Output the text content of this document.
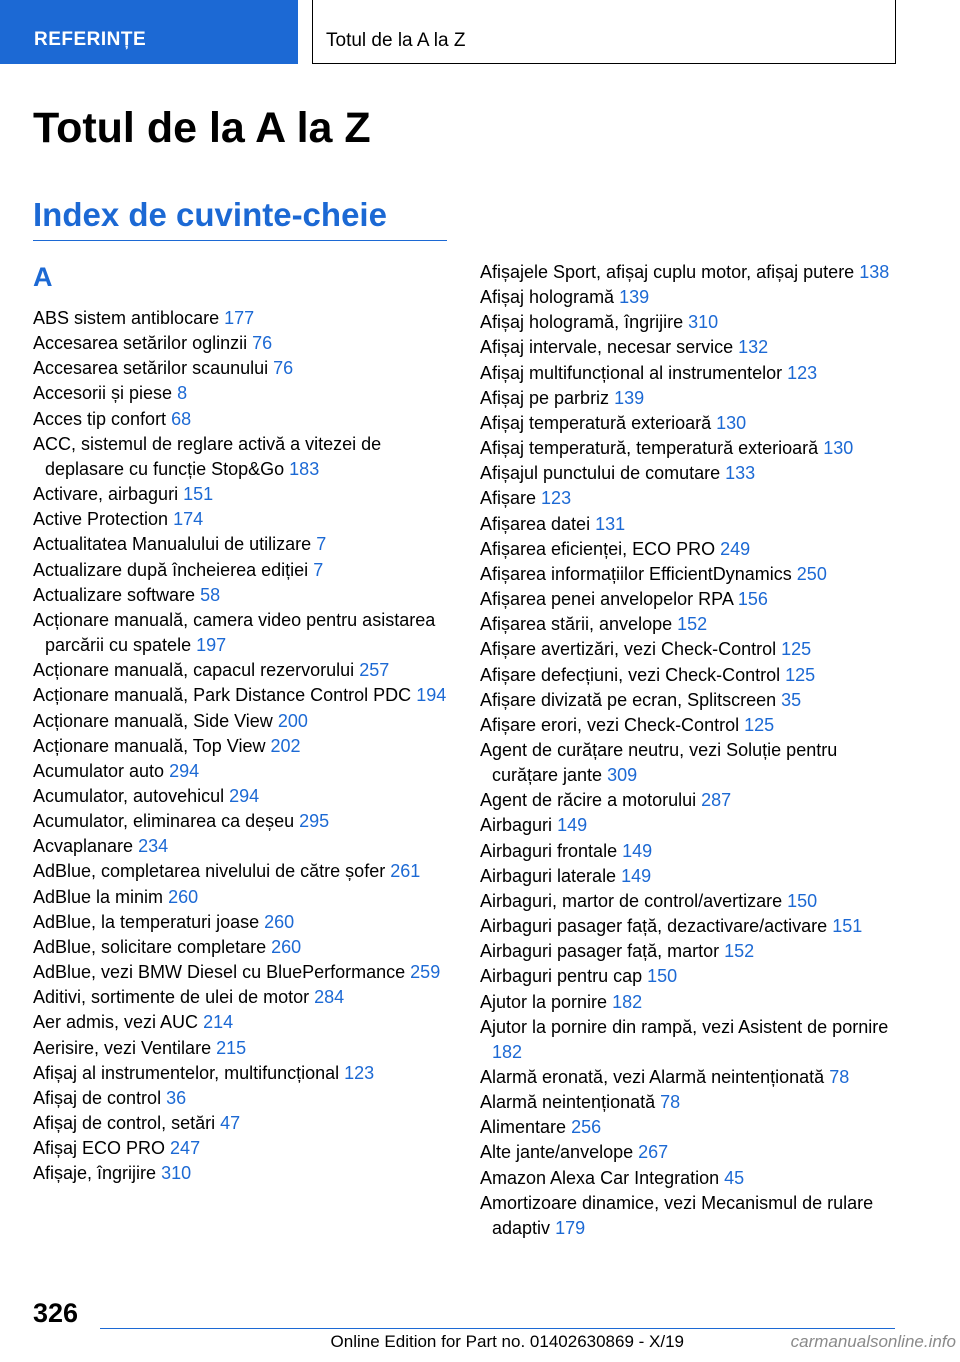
REFERINȚE	Totul de la A la Z
Totul de la A la Z
Index de cuvinte-cheie
A
ABS sistem antiblocare 177
Accesarea setărilor oglinzii 76
Accesarea setărilor scaunului 76
Accesorii și piese 8
Acces tip confort 68
ACC, sistemul de reglare activă a vitezei de deplasare cu funcție Stop&Go 183
Activare, airbaguri 151
Active Protection 174
Actualitatea Manualului de utilizare 7
Actualizare după încheierea ediției 7
Actualizare software 58
Acționare manuală, camera video pentru asistarea parcării cu spatele 197
Acționare manuală, capacul rezervorului 257
Acționare manuală, Park Distance Control PDC 194
Acționare manuală, Side View 200
Acționare manuală, Top View 202
Acumulator auto 294
Acumulator, autovehicul 294
Acumulator, eliminarea ca deșeu 295
Acvaplanare 234
AdBlue, completarea nivelului de către șofer 261
AdBlue la minim 260
AdBlue, la temperaturi joase 260
AdBlue, solicitare completare 260
AdBlue, vezi BMW Diesel cu BluePerformance 259
Aditivi, sortimente de ulei de motor 284
Aer admis, vezi AUC 214
Aerisire, vezi Ventilare 215
Afișaj al instrumentelor, multifuncțional 123
Afișaj de control 36
Afișaj de control, setări 47
Afișaj ECO PRO 247
Afișaje, îngrijire 310
Afișajele Sport, afișaj cuplu motor, afișaj putere 138
Afișaj hologramă 139
Afișaj hologramă, îngrijire 310
Afișaj intervale, necesar service 132
Afișaj multifuncțional al instrumentelor 123
Afișaj pe parbriz 139
Afișaj temperatură exterioară 130
Afișaj temperatură, temperatură exterioară 130
Afișajul punctului de comutare 133
Afișare 123
Afișarea datei 131
Afișarea eficienței, ECO PRO 249
Afișarea informațiilor EfficientDynamics 250
Afișarea penei anvelopelor RPA 156
Afișarea stării, anvelope 152
Afișare avertizări, vezi Check-Control 125
Afișare defecțiuni, vezi Check-Control 125
Afișare divizată pe ecran, Splitscreen 35
Afișare erori, vezi Check-Control 125
Agent de curățare neutru, vezi Soluție pentru curățare jante 309
Agent de răcire a motorului 287
Airbaguri 149
Airbaguri frontale 149
Airbaguri laterale 149
Airbaguri, martor de control/avertizare 150
Airbaguri pasager față, dezactivare/activare 151
Airbaguri pasager față, martor 152
Airbaguri pentru cap 150
Ajutor la pornire 182
Ajutor la pornire din rampă, vezi Asistent de pornire 182
Alarmă eronată, vezi Alarmă neintenționată 78
Alarmă neintenționată 78
Alimentare 256
Alte jante/anvelope 267
Amazon Alexa Car Integration 45
Amortizoare dinamice, vezi Mecanismul de rulare adaptiv 179
326
Online Edition for Part no. 01402630869 - X/19	carmanualsonline.info
